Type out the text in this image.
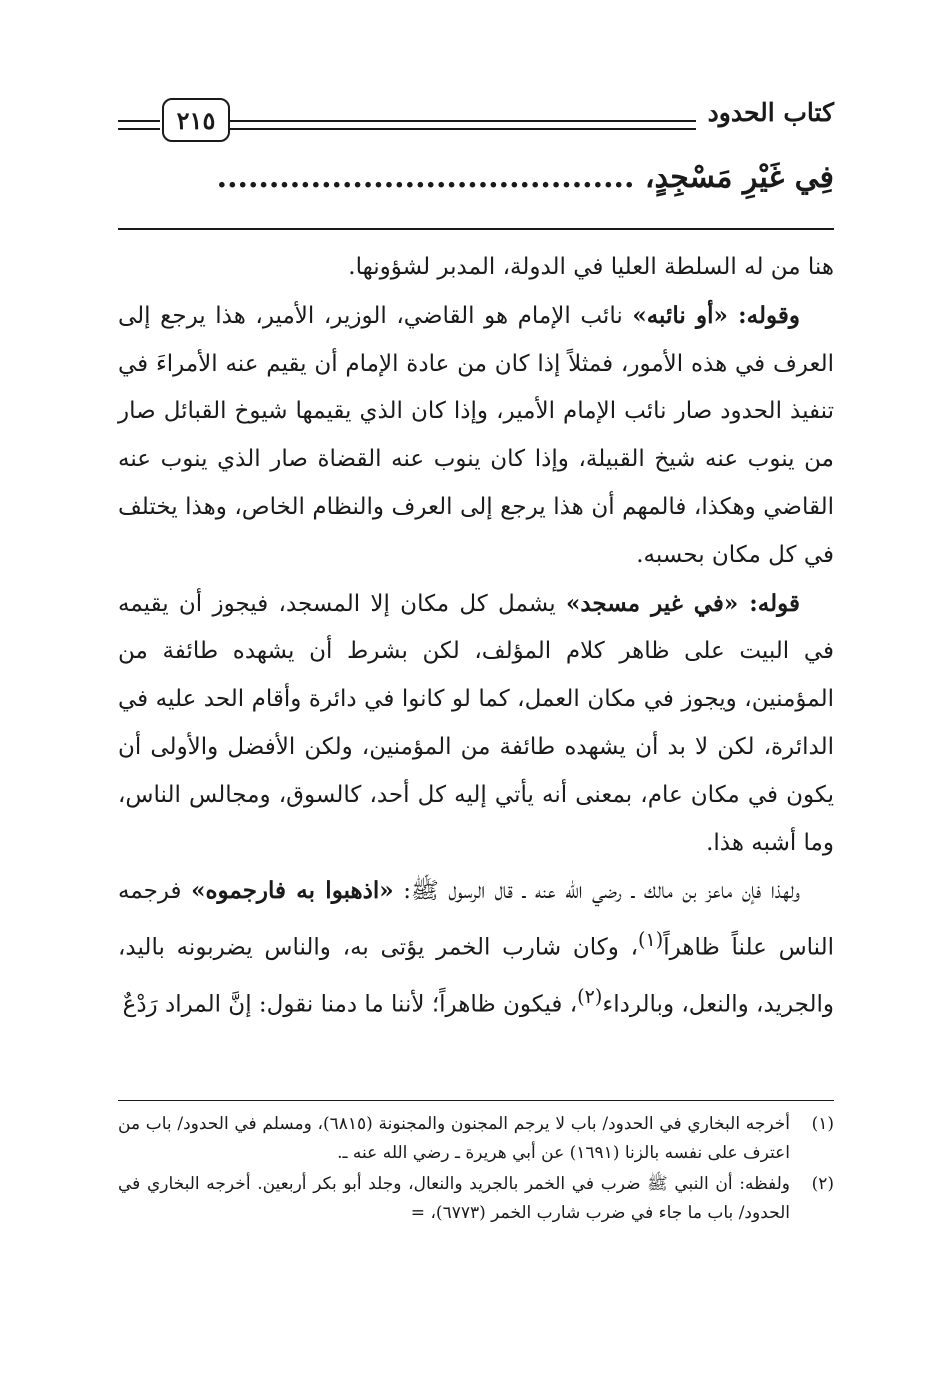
كتاب الحدود
٢١٥
فِي غَيْرِ مَسْجِدٍ، ........................................

هنا من له السلطة العليا في الدولة، المدبر لشؤونها.

وقوله: «أو نائبه» نائب الإمام هو القاضي، الوزير، الأمير، هذا يرجع إلى العرف في هذه الأمور، فمثلاً إذا كان من عادة الإمام أن يقيم عنه الأمراءَ في تنفيذ الحدود صار نائب الإمام الأمير، وإذا كان الذي يقيمها شيوخ القبائل صار من ينوب عنه شيخ القبيلة، وإذا كان ينوب عنه القضاة صار الذي ينوب عنه القاضي وهكذا، فالمهم أن هذا يرجع إلى العرف والنظام الخاص، وهذا يختلف في كل مكان بحسبه.

قوله: «في غير مسجد» يشمل كل مكان إلا المسجد، فيجوز أن يقيمه في البيت على ظاهر كلام المؤلف، لكن بشرط أن يشهده طائفة من المؤمنين، ويجوز في مكان العمل، كما لو كانوا في دائرة وأقام الحد عليه في الدائرة، لكن لا بد أن يشهده طائفة من المؤمنين، ولكن الأفضل والأولى أن يكون في مكان عام، بمعنى أنه يأتي إليه كل أحد، كالسوق، ومجالس الناس، وما أشبه هذا.

ولهذا فإن ماعز بن مالك ـ رضي الله عنه ـ قال الرسول ﷺ: «اذهبوا به فارجموه» فرجمه الناس علناً ظاهراً$^{(١)}$، وكان شارب الخمر يؤتى به، والناس يضربونه باليد، والجريد، والنعل، وبالرداء$^{(٢)}$، فيكون ظاهراً؛ لأننا ما دمنا نقول: إنَّ المراد رَدْعٌ

(١)
أخرجه البخاري في الحدود/ باب لا يرجم المجنون والمجنونة (٦٨١٥)، ومسلم في الحدود/ باب من اعترف على نفسه بالزنا (١٦٩١) عن أبي هريرة ـ رضي الله عنه ـ.
(٢)
ولفظه: أن النبي ﷺ ضرب في الخمر بالجريد والنعال، وجلد أبو بكر أربعين. أخرجه البخاري في الحدود/ باب ما جاء في ضرب شارب الخمر (٦٧٧٣)، =
